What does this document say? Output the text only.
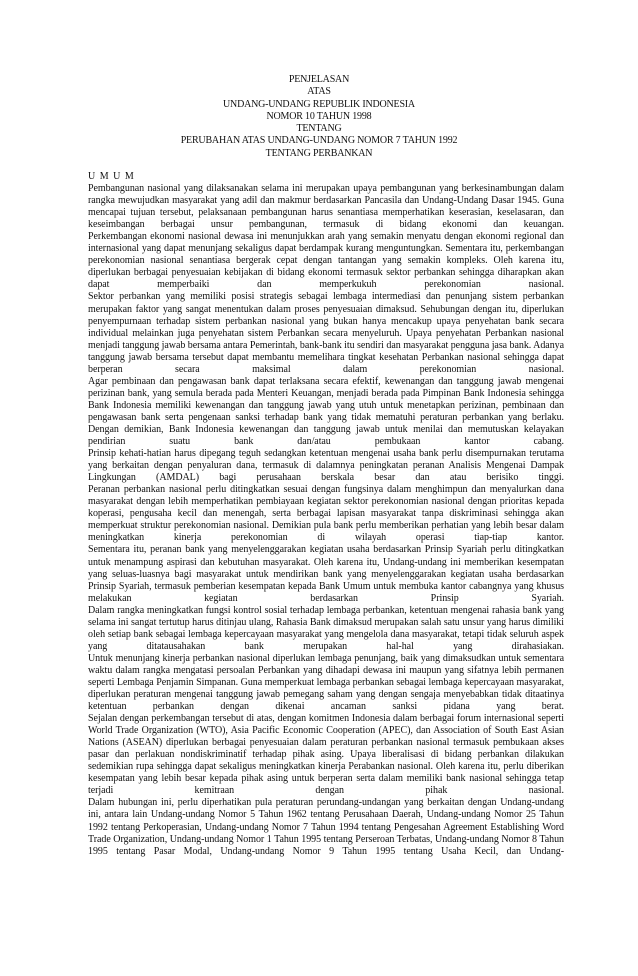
PENJELASAN
ATAS
UNDANG-UNDANG REPUBLIK INDONESIA
NOMOR 10 TAHUN 1998
TENTANG
PERUBAHAN ATAS UNDANG-UNDANG NOMOR 7 TAHUN 1992
TENTANG PERBANKAN
U M U M

Pembangunan nasional yang dilaksanakan selama ini merupakan upaya pembangunan yang berkesinambungan dalam rangka mewujudkan masyarakat yang adil dan makmur berdasarkan Pancasila dan Undang-Undang Dasar 1945. Guna mencapai tujuan tersebut, pelaksanaan pembangunan harus senantiasa memperhatikan keserasian, keselasaran, dan keseimbangan berbagai unsur pembangunan, termasuk di bidang ekonomi dan keuangan.

Perkembangan ekonomi nasional dewasa ini menunjukkan arah yang semakin menyatu dengan ekonomi regional dan internasional yang dapat menunjang sekaligus dapat berdampak kurang menguntungkan. Sementara itu, perkembangan perekonomian nasional senantiasa bergerak cepat dengan tantangan yang semakin kompleks. Oleh karena itu, diperlukan berbagai penyesuaian kebijakan di bidang ekonomi termasuk sektor perbankan sehingga diharapkan akan dapat memperbaiki dan memperkukuh perekonomian nasional.

Sektor perbankan yang memiliki posisi strategis sebagai lembaga intermediasi dan penunjang sistem perbankan merupakan faktor yang sangat menentukan dalam proses penyesuaian dimaksud. Sehubungan dengan itu, diperlukan penyempurnaan terhadap sistem perbankan nasional yang bukan hanya mencakup upaya penyehatan bank secara individual melainkan juga penyehatan sistem Perbankan secara menyeluruh. Upaya penyehatan Perbankan nasional menjadi tanggung jawab bersama antara Pemerintah, bank-bank itu sendiri dan masyarakat pengguna jasa bank. Adanya tanggung jawab bersama tersebut dapat membantu memelihara tingkat kesehatan Perbankan nasional sehingga dapat berperan secara maksimal dalam perekonomian nasional.

Agar pembinaan dan pengawasan bank dapat terlaksana secara efektif, kewenangan dan tanggung jawab mengenai perizinan bank, yang semula berada pada Menteri Keuangan, menjadi berada pada Pimpinan Bank Indonesia sehingga Bank Indonesia memiliki kewenangan dan tanggung jawab yang utuh untuk menetapkan perizinan, pembinaan dan pengawasan bank serta pengenaan sanksi terhadap bank yang tidak mematuhi peraturan perbankan yang berlaku. Dengan demikian, Bank Indonesia kewenangan dan tanggung jawab untuk menilai dan memutuskan kelayakan pendirian suatu bank dan/atau pembukaan kantor cabang.

Prinsip kehati-hatian harus dipegang teguh sedangkan ketentuan mengenai usaha bank perlu disempurnakan terutama yang berkaitan dengan penyaluran dana, termasuk di dalamnya peningkatan peranan Analisis Mengenai Dampak Lingkungan (AMDAL) bagi perusahaan berskala besar dan atau berisiko tinggi.

Peranan perbankan nasional perlu ditingkatkan sesuai dengan fungsinya dalam menghimpun dan menyalurkan dana masyarakat dengan lebih memperhatikan pembiayaan kegiatan sektor perekonomian nasional dengan prioritas kepada koperasi, pengusaha kecil dan menengah, serta berbagai lapisan masyarakat tanpa diskriminasi sehingga akan memperkuat struktur perekonomian nasional. Demikian pula bank perlu memberikan perhatian yang lebih besar dalam meningkatkan kinerja perekonomian di wilayah operasi tiap-tiap kantor.

Sementara itu, peranan bank yang menyelenggarakan kegiatan usaha berdasarkan Prinsip Syariah perlu ditingkatkan untuk menampung aspirasi dan kebutuhan masyarakat. Oleh karena itu, Undang-undang ini memberikan kesempatan yang seluas-luasnya bagi masyarakat untuk mendirikan bank yang menyelenggarakan kegiatan usaha berdasarkan Prinsip Syariah, termasuk pemberian kesempatan kepada Bank Umum untuk membuka kantor cabangnya yang khusus melakukan kegiatan berdasarkan Prinsip Syariah.

Dalam rangka meningkatkan fungsi kontrol sosial terhadap lembaga perbankan, ketentuan mengenai rahasia bank yang selama ini sangat tertutup harus ditinjau ulang, Rahasia Bank dimaksud merupakan salah satu unsur yang harus dimiliki oleh setiap bank sebagai lembaga kepercayaan masyarakat yang mengelola dana masyarakat, tetapi tidak seluruh aspek yang ditatausahakan bank merupakan hal-hal yang dirahasiakan.

Untuk menunjang kinerja perbankan nasional diperlukan lembaga penunjang, baik yang dimaksudkan untuk sementara waktu dalam rangka mengatasi persoalan Perbankan yang dihadapi dewasa ini maupun yang sifatnya lebih permanen seperti Lembaga Penjamin Simpanan. Guna memperkuat lembaga perbankan sebagai lembaga kepercayaan masyarakat, diperlukan peraturan mengenai tanggung jawab pemegang saham yang dengan sengaja menyebabkan tidak ditaatinya ketentuan perbankan dengan dikenai ancaman sanksi pidana yang berat.

Sejalan dengan perkembangan tersebut di atas, dengan komitmen Indonesia dalam berbagai forum internasional seperti World Trade Organization (WTO), Asia Pacific Economic Cooperation (APEC), dan Association of South East Asian Nations (ASEAN) diperlukan berbagai penyesuaian dalam peraturan perbankan nasional termasuk pembukaan akses pasar dan perlakuan nondiskriminatif terhadap pihak asing. Upaya liberalisasi di bidang perbankan dilakukan sedemikian rupa sehingga dapat sekaligus meningkatkan kinerja Perabankan nasional. Oleh karena itu, perlu diberikan kesempatan yang lebih besar kepada pihak asing untuk berperan serta dalam memiliki bank nasional sehingga tetap terjadi kemitraan dengan pihak nasional.

Dalam hubungan ini, perlu diperhatikan pula peraturan perundang-undangan yang berkaitan dengan Undang-undang ini, antara lain Undang-undang Nomor 5 Tahun 1962 tentang Perusahaan Daerah, Undang-undang Nomor 25 Tahun 1992 tentang Perkoperasian, Undang-undang Nomor 7 Tahun 1994 tentang Pengesahan Agreement Establishing Word Trade Organization, Undang-undang Nomor 1 Tahun 1995 tentang Perseroan Terbatas, Undang-undang Nomor 8 Tahun 1995 tentang Pasar Modal, Undang-undang Nomor 9 Tahun 1995 tentang Usaha Kecil, dan Undang-
